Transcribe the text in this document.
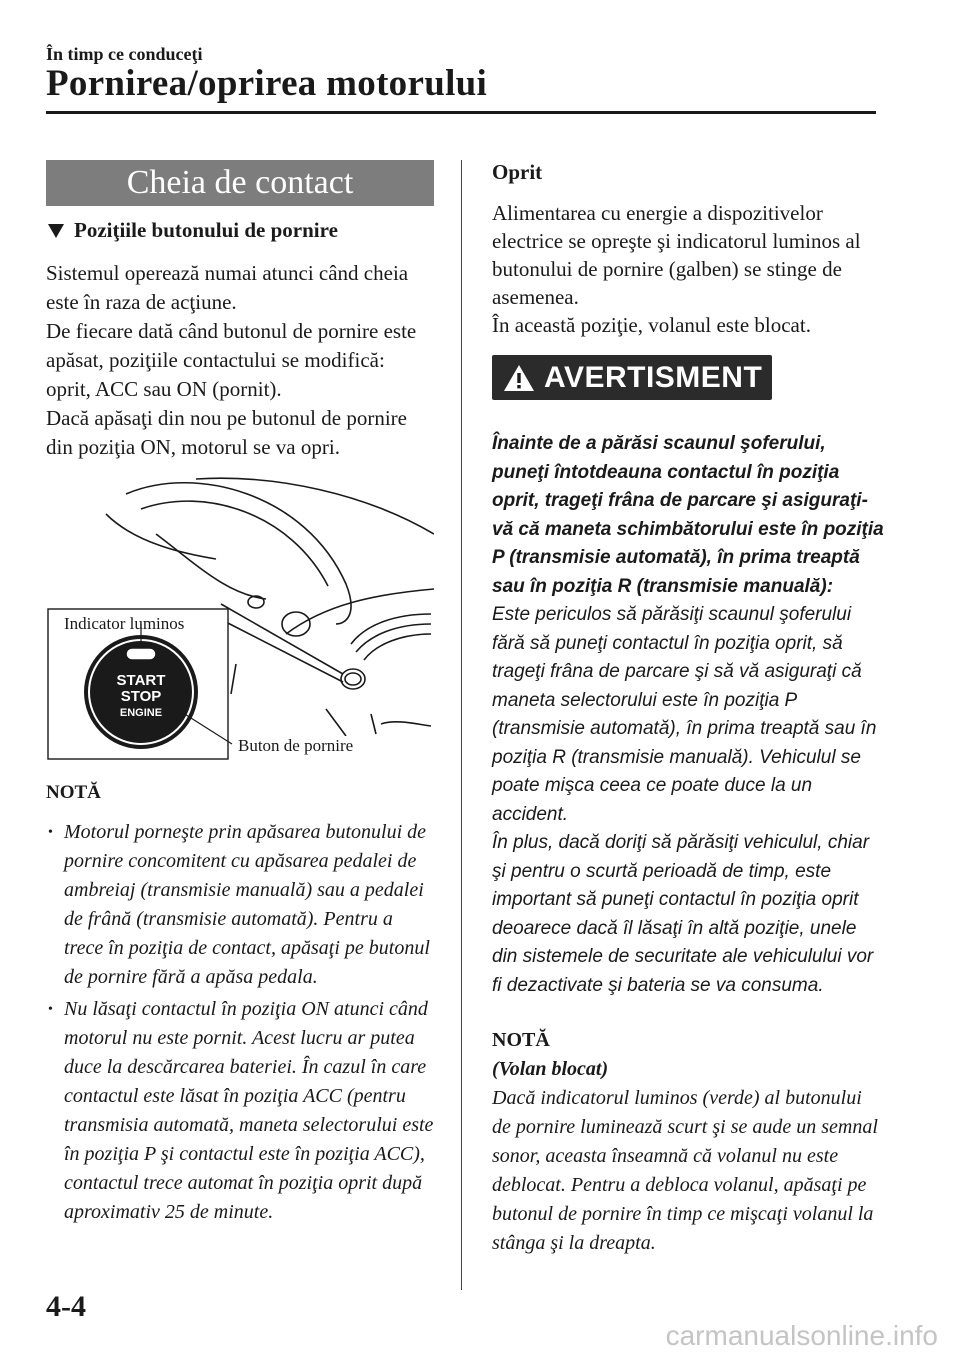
În timp ce conduceţi
Pornirea/oprirea motorului
Cheia de contact
Poziţiile butonului de pornire

Sistemul operează numai atunci când cheia este în raza de acţiune.

De fiecare dată când butonul de pornire este apăsat, poziţiile contactului se modifică: oprit, ACC sau ON (pornit).

Dacă apăsaţi din nou pe butonul de pornire din poziţia ON, motorul se va opri.

START
STOP
ENGINE
Indicator luminos
Buton de pornire
NOTĂ
• Motorul porneşte prin apăsarea butonului de pornire concomitent cu apăsarea pedalei de ambreiaj (transmisie manuală) sau a pedalei de frână (transmisie automată). Pentru a trece în poziţia de contact, apăsaţi pe butonul de pornire fără a apăsa pedala.
• Nu lăsaţi contactul în poziţia ON atunci când motorul nu este pornit. Acest lucru ar putea duce la descărcarea bateriei. În cazul în care contactul este lăsat în poziţia ACC (pentru transmisia automată, maneta selectorului este în poziţia P şi contactul este în poziţia ACC), contactul trece automat în poziţia oprit după aproximativ 25 de minute.
Oprit

Alimentarea cu energie a dispozitivelor electrice se opreşte şi indicatorul luminos al butonului de pornire (galben) se stinge de asemenea.

În această poziţie, volanul este blocat.

AVERTISMENT

Înainte de a părăsi scaunul şoferului, puneţi întotdeauna contactul în poziţia oprit, trageţi frâna de parcare şi asiguraţi-vă că maneta schimbătorului este în poziţia P (transmisie automată), în prima treaptă sau în poziţia R (transmisie manuală):

Este periculos să părăsiţi scaunul şoferului fără să puneţi contactul în poziţia oprit, să trageţi frâna de parcare şi să vă asiguraţi că maneta selectorului este în poziţia P (transmisie automată), în prima treaptă sau în poziţia R (transmisie manuală). Vehiculul se poate mişca ceea ce poate duce la un accident.

În plus, dacă doriţi să părăsiţi vehiculul, chiar şi pentru o scurtă perioadă de timp, este important să puneţi contactul în poziţia oprit deoarece dacă îl lăsaţi în altă poziţie, unele din sistemele de securitate ale vehiculului vor fi dezactivate şi bateria se va consuma.

NOTĂ
(Volan blocat)
Dacă indicatorul luminos (verde) al butonului de pornire luminează scurt şi se aude un semnal sonor, aceasta înseamnă că volanul nu este deblocat. Pentru a debloca volanul, apăsaţi pe butonul de pornire în timp ce mişcaţi volanul la stânga şi la dreapta.
4-4
carmanualsonline.info
